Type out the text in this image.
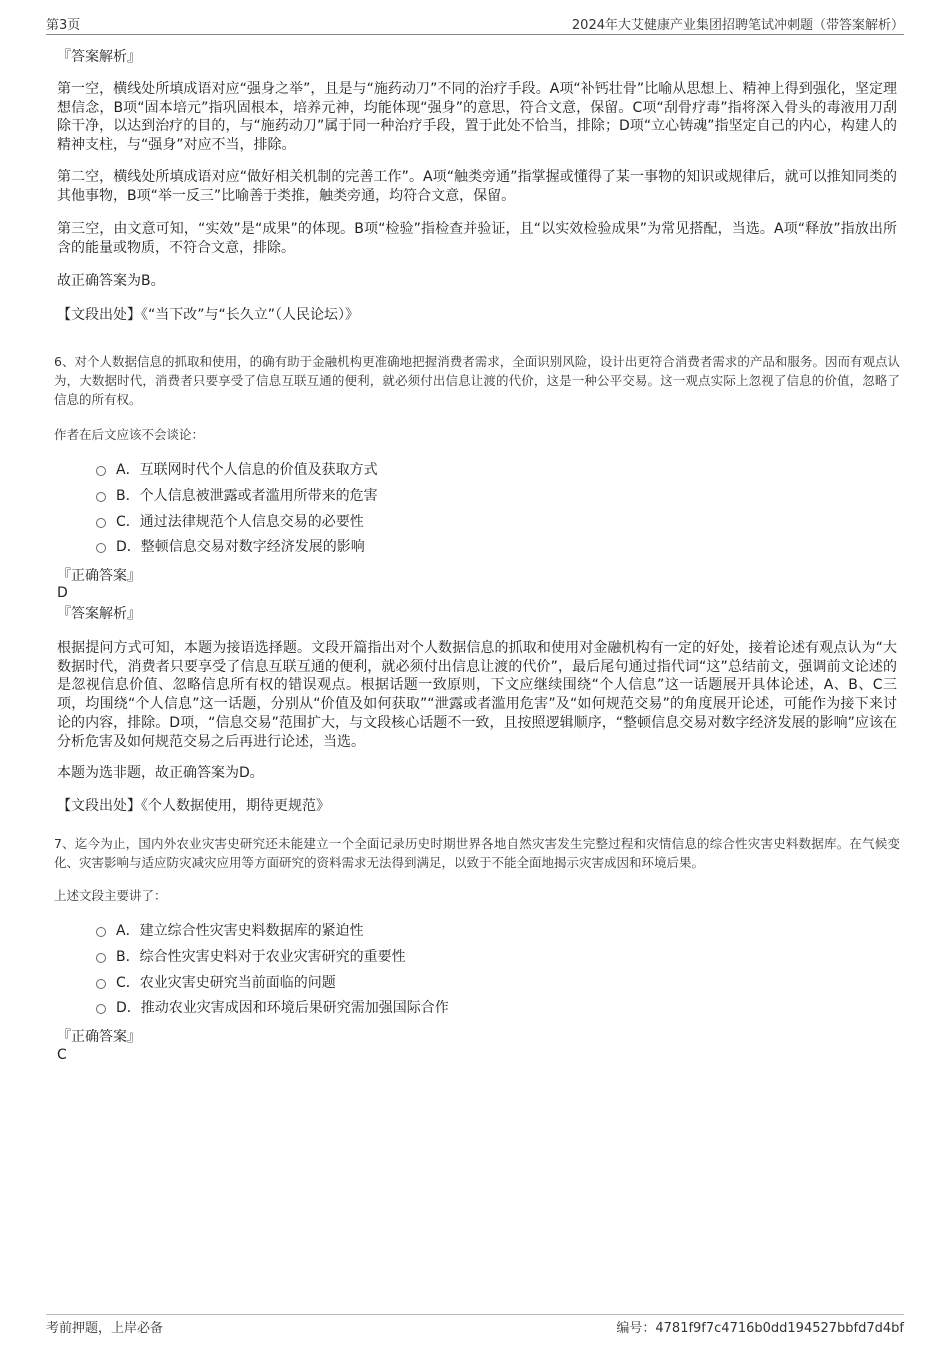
第3页	2024年大艾健康产业集团招聘笔试冲刺题（带答案解析）
『答案解析』
第一空，横线处所填成语对应“强身之举”，且是与“施药动刀”不同的治疗手段。A项“补钙壮骨”比喻从思想上、精神上得到强化，坚定理想信念，B项“固本培元”指巩固根本，培养元神，均能体现“强身”的意思，符合文意，保留。C项“刮骨疗毒”指将深入骨头的毒液用刀刮除干净，以达到治疗的目的，与“施药动刀”属于同一种治疗手段，置于此处不恰当，排除；D项“立心铸魂”指坚定自己的内心，构建人的精神支柱，与“强身”对应不当，排除。
第二空，横线处所填成语对应“做好相关机制的完善工作”。A项“触类旁通”指掌握或懂得了某一事物的知识或规律后，就可以推知同类的其他事物，B项“举一反三”比喻善于类推，触类旁通，均符合文意，保留。
第三空，由文意可知，“实效”是“成果”的体现。B项“检验”指检查并验证，且“以实效检验成果”为常见搭配，当选。A项“释放”指放出所含的能量或物质，不符合文意，排除。
故正确答案为B。
【文段出处】《“当下改”与“长久立”（人民论坛）》
6、对个人数据信息的抓取和使用，的确有助于金融机构更准确地把握消费者需求，全面识别风险，设计出更符合消费者需求的产品和服务。因而有观点认为，大数据时代，消费者只要享受了信息互联互通的便利，就必须付出信息让渡的代价，这是一种公平交易。这一观点实际上忽视了信息的价值，忽略了信息的所有权。
作者在后文应该不会谈论：
A．互联网时代个人信息的价值及获取方式
B．个人信息被泄露或者滥用所带来的危害
C．通过法律规范个人信息交易的必要性
D．整顿信息交易对数字经济发展的影响
『正确答案』
D
『答案解析』
根据提问方式可知，本题为接语选择题。文段开篇指出对个人数据信息的抓取和使用对金融机构有一定的好处，接着论述有观点认为“大数据时代，消费者只要享受了信息互联互通的便利，就必须付出信息让渡的代价”，最后尾句通过指代词“这”总结前文，强调前文论述的是忽视信息价值、忽略信息所有权的错误观点。根据话题一致原则，下文应继续围绕“个人信息”这一话题展开具体论述，A、B、C三项，均围绕“个人信息”这一话题，分别从“价值及如何获取”“泄露或者滥用危害”及“如何规范交易”的角度展开论述，可能作为接下来讨论的内容，排除。D项，“信息交易”范围扩大，与文段核心话题不一致，且按照逻辑顺序，“整顿信息交易对数字经济发展的影响”应该在分析危害及如何规范交易之后再进行论述，当选。
本题为选非题，故正确答案为D。
【文段出处】《个人数据使用，期待更规范》
7、迄今为止，国内外农业灾害史研究还未能建立一个全面记录历史时期世界各地自然灾害发生完整过程和灾情信息的综合性灾害史料数据库。在气候变化、灾害影响与适应防灾减灾应用等方面研究的资料需求无法得到满足，以致于不能全面地揭示灾害成因和环境后果。
上述文段主要讲了：
A．建立综合性灾害史料数据库的紧迫性
B．综合性灾害史料对于农业灾害研究的重要性
C．农业灾害史研究当前面临的问题
D．推动农业灾害成因和环境后果研究需加强国际合作
『正确答案』
C
考前押题，上岸必备	编号：4781f9f7c4716b0dd194527bbfd7d4bf
